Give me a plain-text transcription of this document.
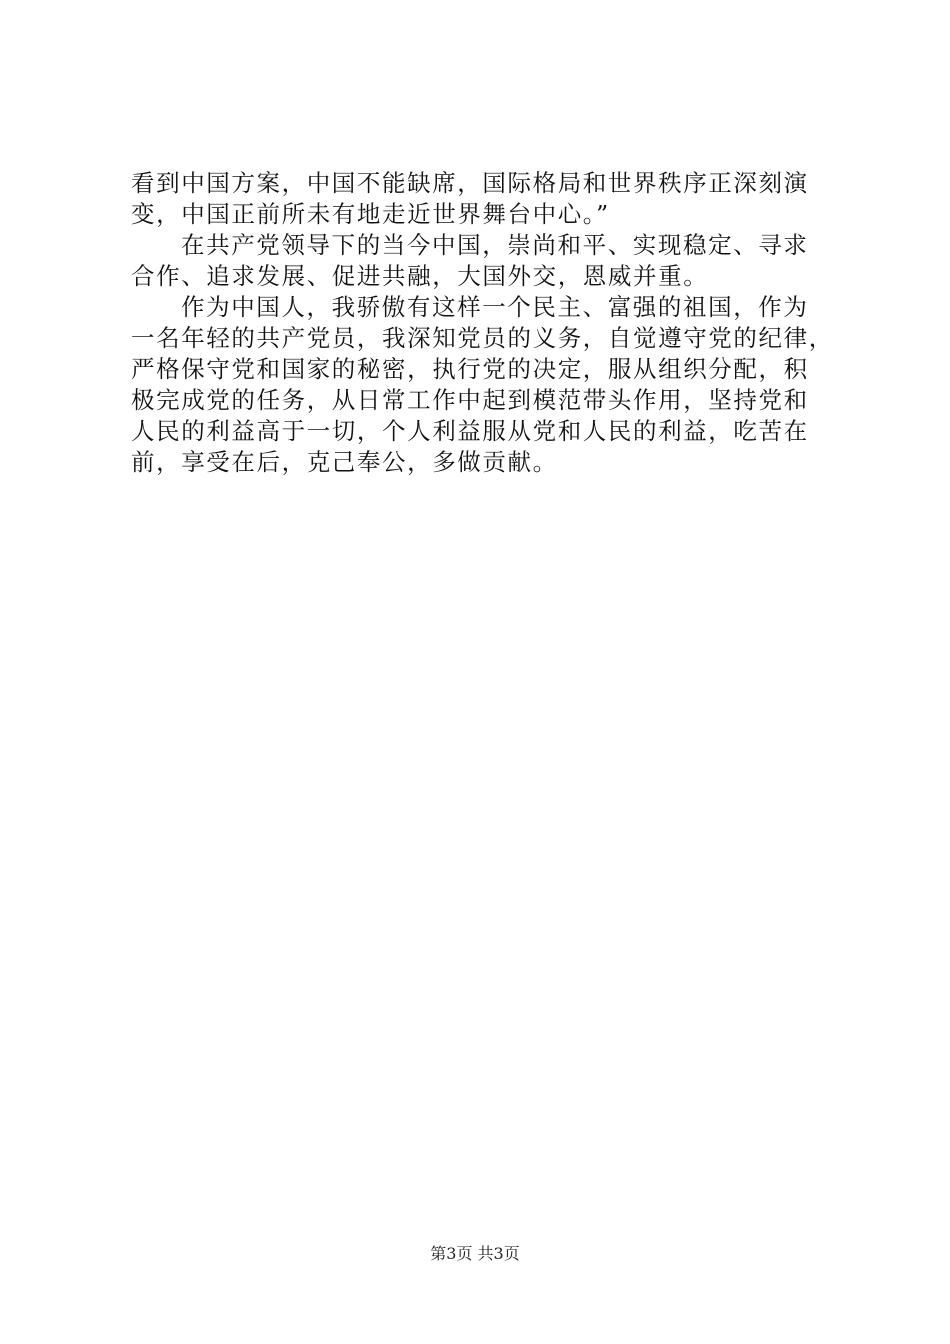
看到中国方案，中国不能缺席，国际格局和世界秩序正深刻演
变，中国正前所未有地走近世界舞台中心。”
在共产党领导下的当今中国，崇尚和平、实现稳定、寻求
合作、追求发展、促进共融，大国外交，恩威并重。
作为中国人，我骄傲有这样一个民主、富强的祖国，作为
一名年轻的共产党员，我深知党员的义务，自觉遵守党的纪律，
严格保守党和国家的秘密，执行党的决定，服从组织分配，积
极完成党的任务，从日常工作中起到模范带头作用，坚持党和
人民的利益高于一切，个人利益服从党和人民的利益，吃苦在
前，享受在后，克己奉公，多做贡献。
第3页 共3页
